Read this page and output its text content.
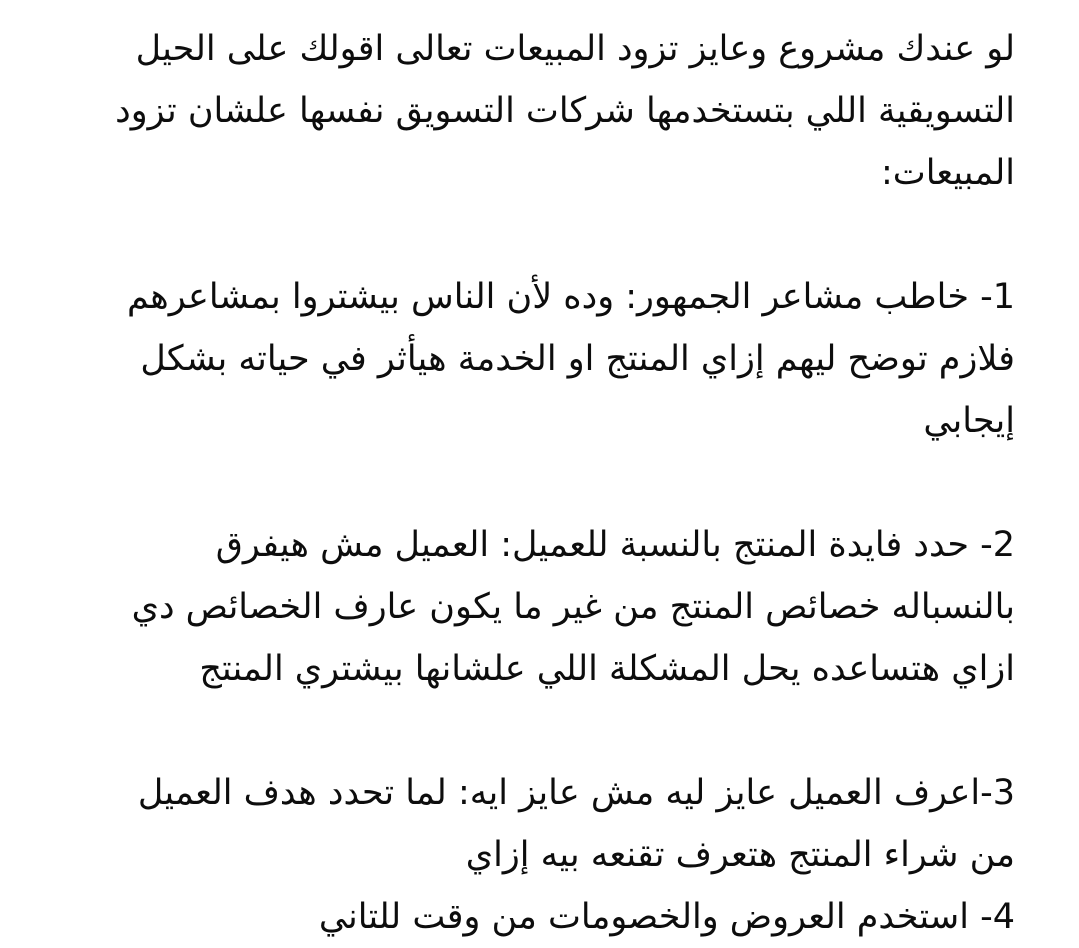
لو عندك مشروع وعايز تزود المبيعات تعالى اقولك على الحيل التسويقية اللي بتستخدمها شركات التسويق نفسها علشان تزود المبيعات:

1- خاطب مشاعر الجمهور: وده لأن الناس بيشتروا بمشاعرهم فلازم توضح ليهم إزاي المنتج او الخدمة هيأثر في حياته بشكل إيجابي

2- حدد فايدة المنتج بالنسبة للعميل: العميل مش هيفرق بالنسباله خصائص المنتج من غير ما يكون عارف الخصائص دي ازاي هتساعده يحل المشكلة اللي علشانها بيشتري المنتج

3-اعرف العميل عايز ليه مش عايز ايه: لما تحدد هدف العميل من شراء المنتج هتعرف تقنعه بيه إزاي

4- استخدم العروض والخصومات من وقت للتاني
